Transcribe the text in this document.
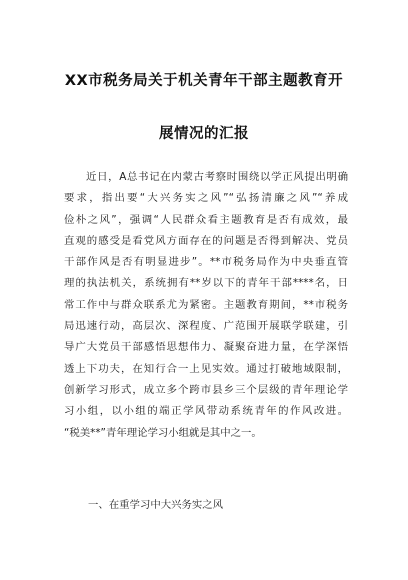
XX市税务局关于机关青年干部主题教育开
展情况的汇报
近日，A总书记在内蒙古考察时围绕以学正风提出明确
要求，指出要“大兴务实之风”“弘扬清廉之风”“养成
俭朴之风”，强调“人民群众看主题教育是否有成效，最
直观的感受是看党风方面存在的问题是否得到解决、党员
干部作风是否有明显进步”。**市税务局作为中央垂直管
理的执法机关，系统拥有**岁以下的青年干部****名，日
常工作中与群众联系尤为紧密。主题教育期间，**市税务
局迅速行动，高层次、深程度、广范围开展联学联建，引
导广大党员干部感悟思想伟力、凝聚奋进力量，在学深悟
透上下功夫，在知行合一上见实效。通过打破地域限制，
创新学习形式，成立多个跨市县乡三个层级的青年理论学
习小组，以小组的端正学风带动系统青年的作风改进。
“税美**”青年理论学习小组就是其中之一。
一、在重学习中大兴务实之风
